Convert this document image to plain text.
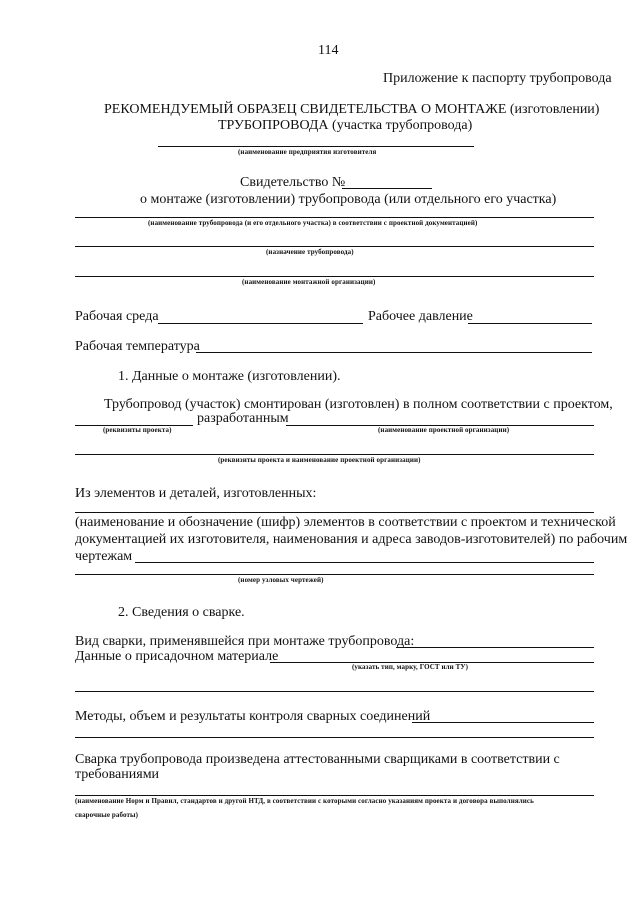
114
Приложение к паспорту трубопровода
РЕКОМЕНДУЕМЫЙ ОБРАЗЕЦ СВИДЕТЕЛЬСТВА О МОНТАЖЕ (изготовлении)
ТРУБОПРОВОДА (участка трубопровода)
(наименование предприятия изготовителя
Свидетельство №
о монтаже (изготовлении) трубопровода (или отдельного его участка)
(наименование трубопровода (и его отдельного участка) в соответствии с проектной документацией)
(назначение трубопровода)
(наименование монтажной организации)
Рабочая среда	Рабочее давление
Рабочая температура
1. Данные о монтаже (изготовлении).
Трубопровод (участок) смонтирован (изготовлен) в полном соответствии с проектом,
разработанным
(реквизиты проекта)	(наименование проектной организации)
(реквизиты проекта и наименование проектной организации)
Из элементов и деталей, изготовленных:
(наименование и обозначение (шифр) элементов в соответствии с проектом и технической
документацией их изготовителя, наименования и адреса заводов-изготовителей) по рабочим
чертежам
(номер узловых чертежей)
2. Сведения о сварке.
Вид сварки, применявшейся при монтаже трубопровода:
Данные о присадочном материале
(указать тип, марку, ГОСТ или ТУ)
Методы, объем и результаты контроля сварных соединений
Сварка трубопровода произведена аттестованными сварщиками в соответствии с
требованиями
(наименование Норм и Правил, стандартов и другой НТД, в соответствии с которыми согласно указаниям проекта и договора выполнялись
сварочные работы)
